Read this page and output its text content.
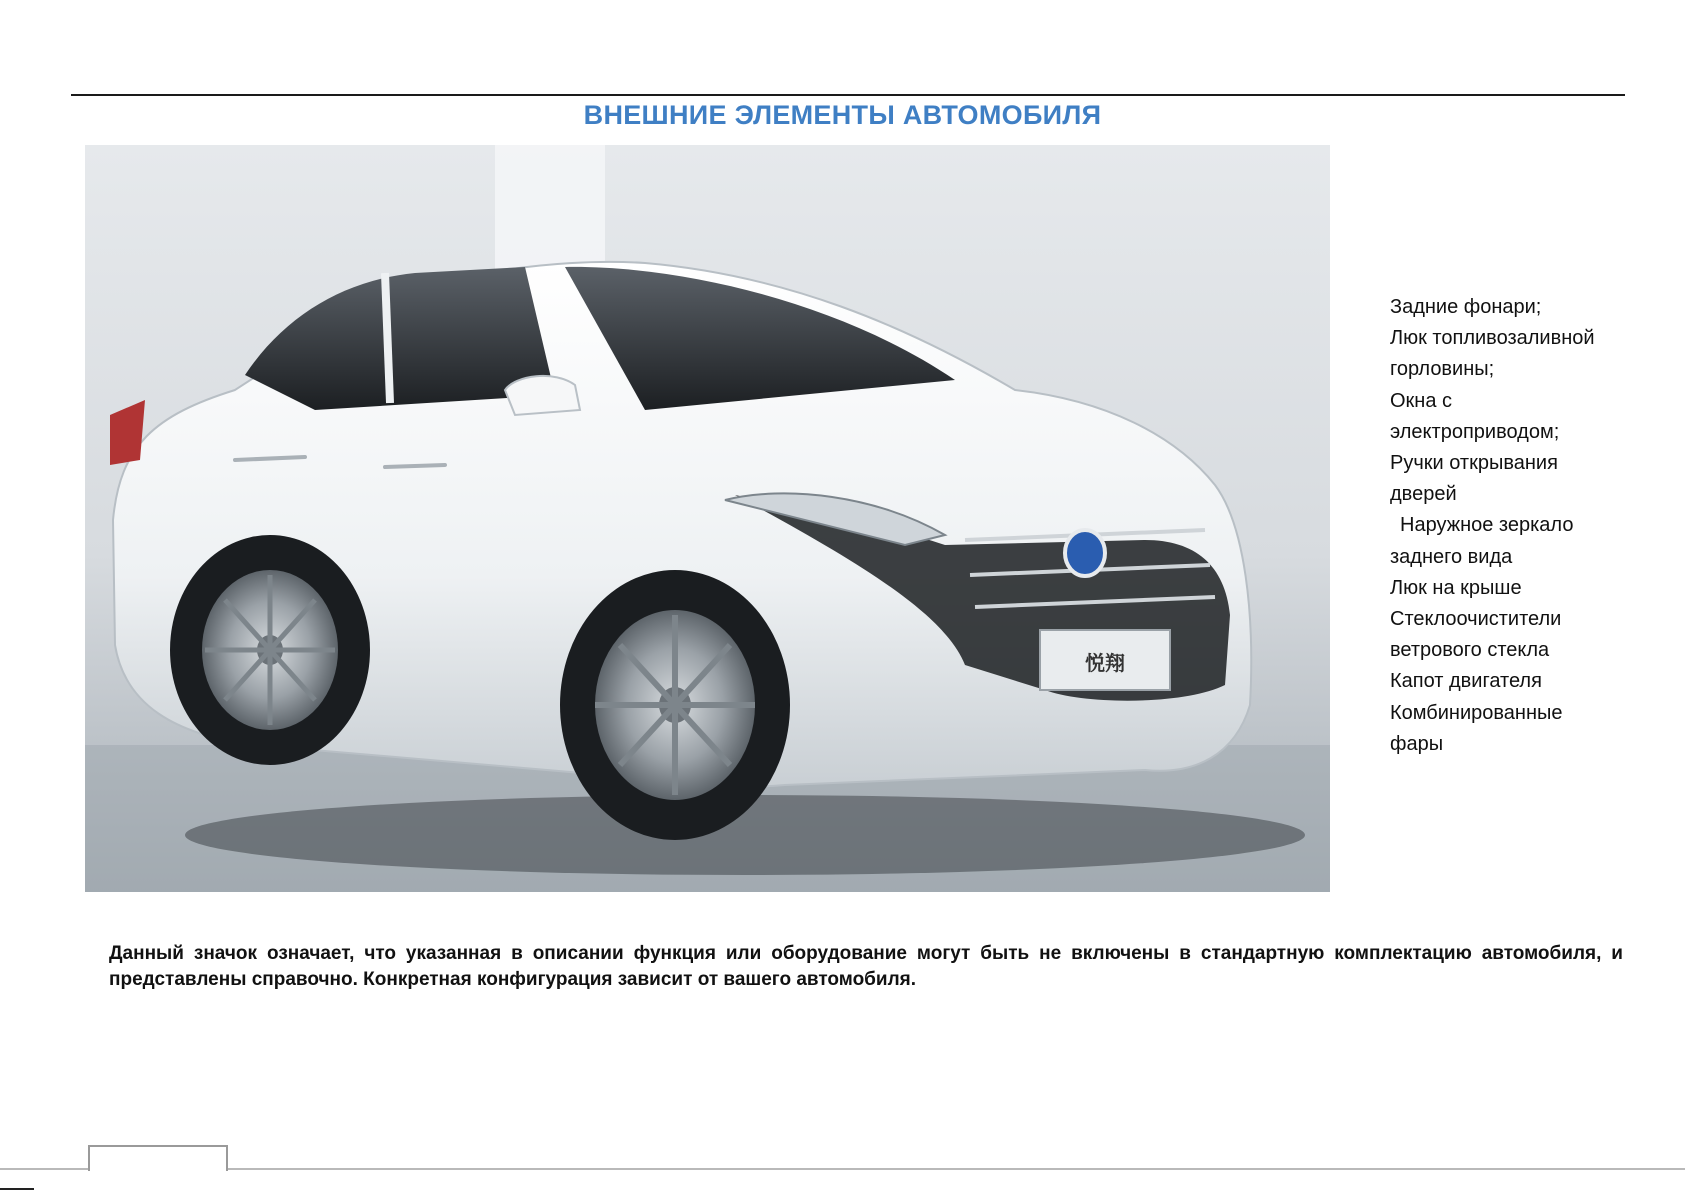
ВНЕШНИЕ ЭЛЕМЕНТЫ АВТОМОБИЛЯ
悦翔
Задние фонари;
Люк топливозаливной
горловины;
Окна с
электроприводом;
Ручки открывания
дверей
Наружное зеркало
заднего вида
Люк на крыше
Стеклоочистители
ветрового стекла
Капот двигателя
Комбинированные
фары

Данный значок означает, что указанная в описании функция или оборудование могут быть не включены в стандартную комплектацию автомобиля, и представлены справочно. Конкретная конфигурация зависит от вашего автомобиля.
